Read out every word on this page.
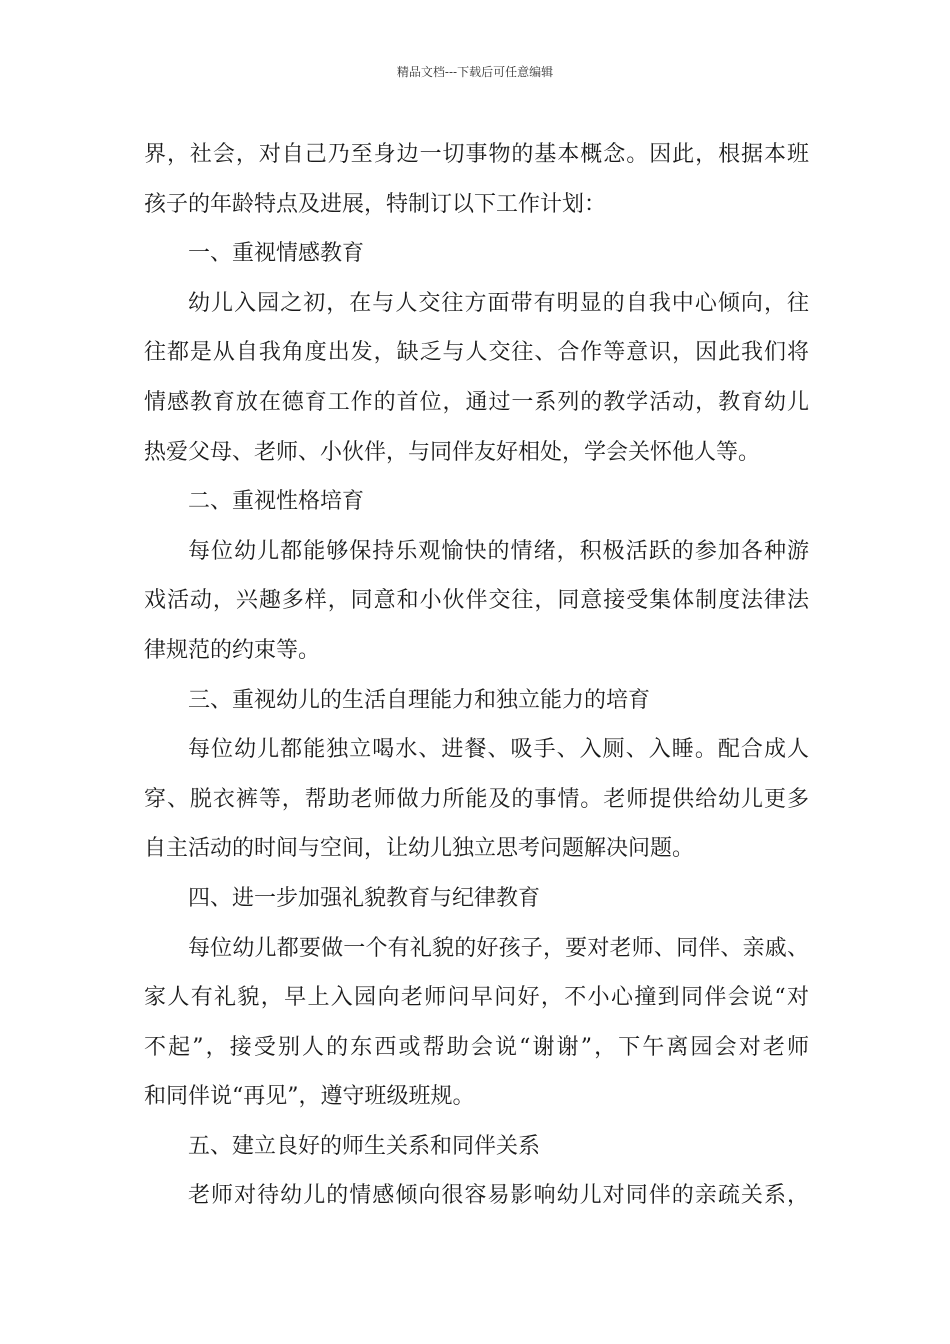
精品文档---下载后可任意编辑
界，社会，对自己乃至身边一切事物的基本概念。因此，根据本班
孩子的年龄特点及进展，特制订以下工作计划：
一、重视情感教育
幼儿入园之初，在与人交往方面带有明显的自我中心倾向，往
往都是从自我角度出发，缺乏与人交往、合作等意识，因此我们将
情感教育放在德育工作的首位，通过一系列的教学活动，教育幼儿
热爱父母、老师、小伙伴，与同伴友好相处，学会关怀他人等。
二、重视性格培育
每位幼儿都能够保持乐观愉快的情绪，积极活跃的参加各种游
戏活动，兴趣多样，同意和小伙伴交往，同意接受集体制度法律法
律规范的约束等。
三、重视幼儿的生活自理能力和独立能力的培育
每位幼儿都能独立喝水、进餐、吸手、入厕、入睡。配合成人
穿、脱衣裤等，帮助老师做力所能及的事情。老师提供给幼儿更多
自主活动的时间与空间，让幼儿独立思考问题解决问题。
四、进一步加强礼貌教育与纪律教育
每位幼儿都要做一个有礼貌的好孩子，要对老师、同伴、亲戚、
家人有礼貌，早上入园向老师问早问好，不小心撞到同伴会说“对
不起”，接受别人的东西或帮助会说“谢谢”，下午离园会对老师
和同伴说“再见”，遵守班级班规。
五、建立良好的师生关系和同伴关系
老师对待幼儿的情感倾向很容易影响幼儿对同伴的亲疏关系，
